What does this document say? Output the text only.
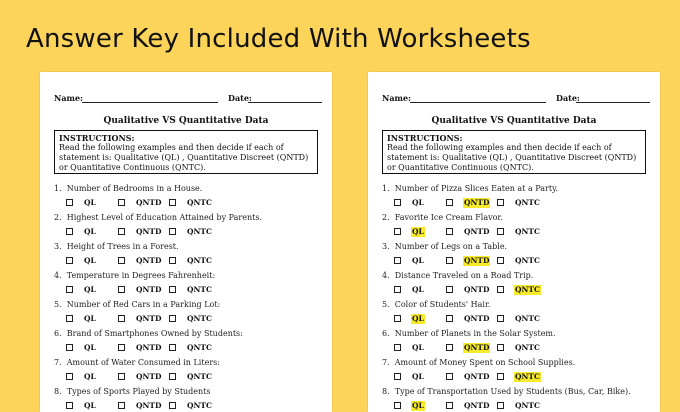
Answer Key Included With Worksheets
Name:	Date:
Qualitative VS Quantitative Data
INSTRUCTIONS:
Read the following examples and then decide if each of statement is: Qualitative (QL) , Quantitative Discreet (QNTD) or Quantitative Continuous (QNTC).
1. Number of Bedrooms in a House.
QL	QNTD	QNTC
2. Highest Level of Education Attained by Parents.
QL	QNTD	QNTC
3. Height of Trees in a Forest.
QL	QNTD	QNTC
4. Temperature in Degrees Fahrenheit:
QL	QNTD	QNTC
5. Number of Red Cars in a Parking Lot:
QL	QNTD	QNTC
6. Brand of Smartphones Owned by Students:
QL	QNTD	QNTC
7. Amount of Water Consumed in Liters:
QL	QNTD	QNTC
8. Types of Sports Played by Students
QL	QNTD	QNTC
Name:	Date:
Qualitative VS Quantitative Data
INSTRUCTIONS:
Read the following examples and then decide if each of statement is: Qualitative (QL) , Quantitative Discreet (QNTD) or Quantitative Continuous (QNTC).
1. Number of Pizza Slices Eaten at a Party.
QL	QNTD	QNTC
2. Favorite Ice Cream Flavor.
QL	QNTD	QNTC
3. Number of Legs on a Table.
QL	QNTD	QNTC
4. Distance Traveled on a Road Trip.
QL	QNTD	QNTC
5. Color of Students' Hair.
QL	QNTD	QNTC
6. Number of Planets in the Solar System.
QL	QNTD	QNTC
7. Amount of Money Spent on School Supplies.
QL	QNTD	QNTC
8. Type of Transportation Used by Students (Bus, Car, Bike).
QL	QNTD	QNTC
